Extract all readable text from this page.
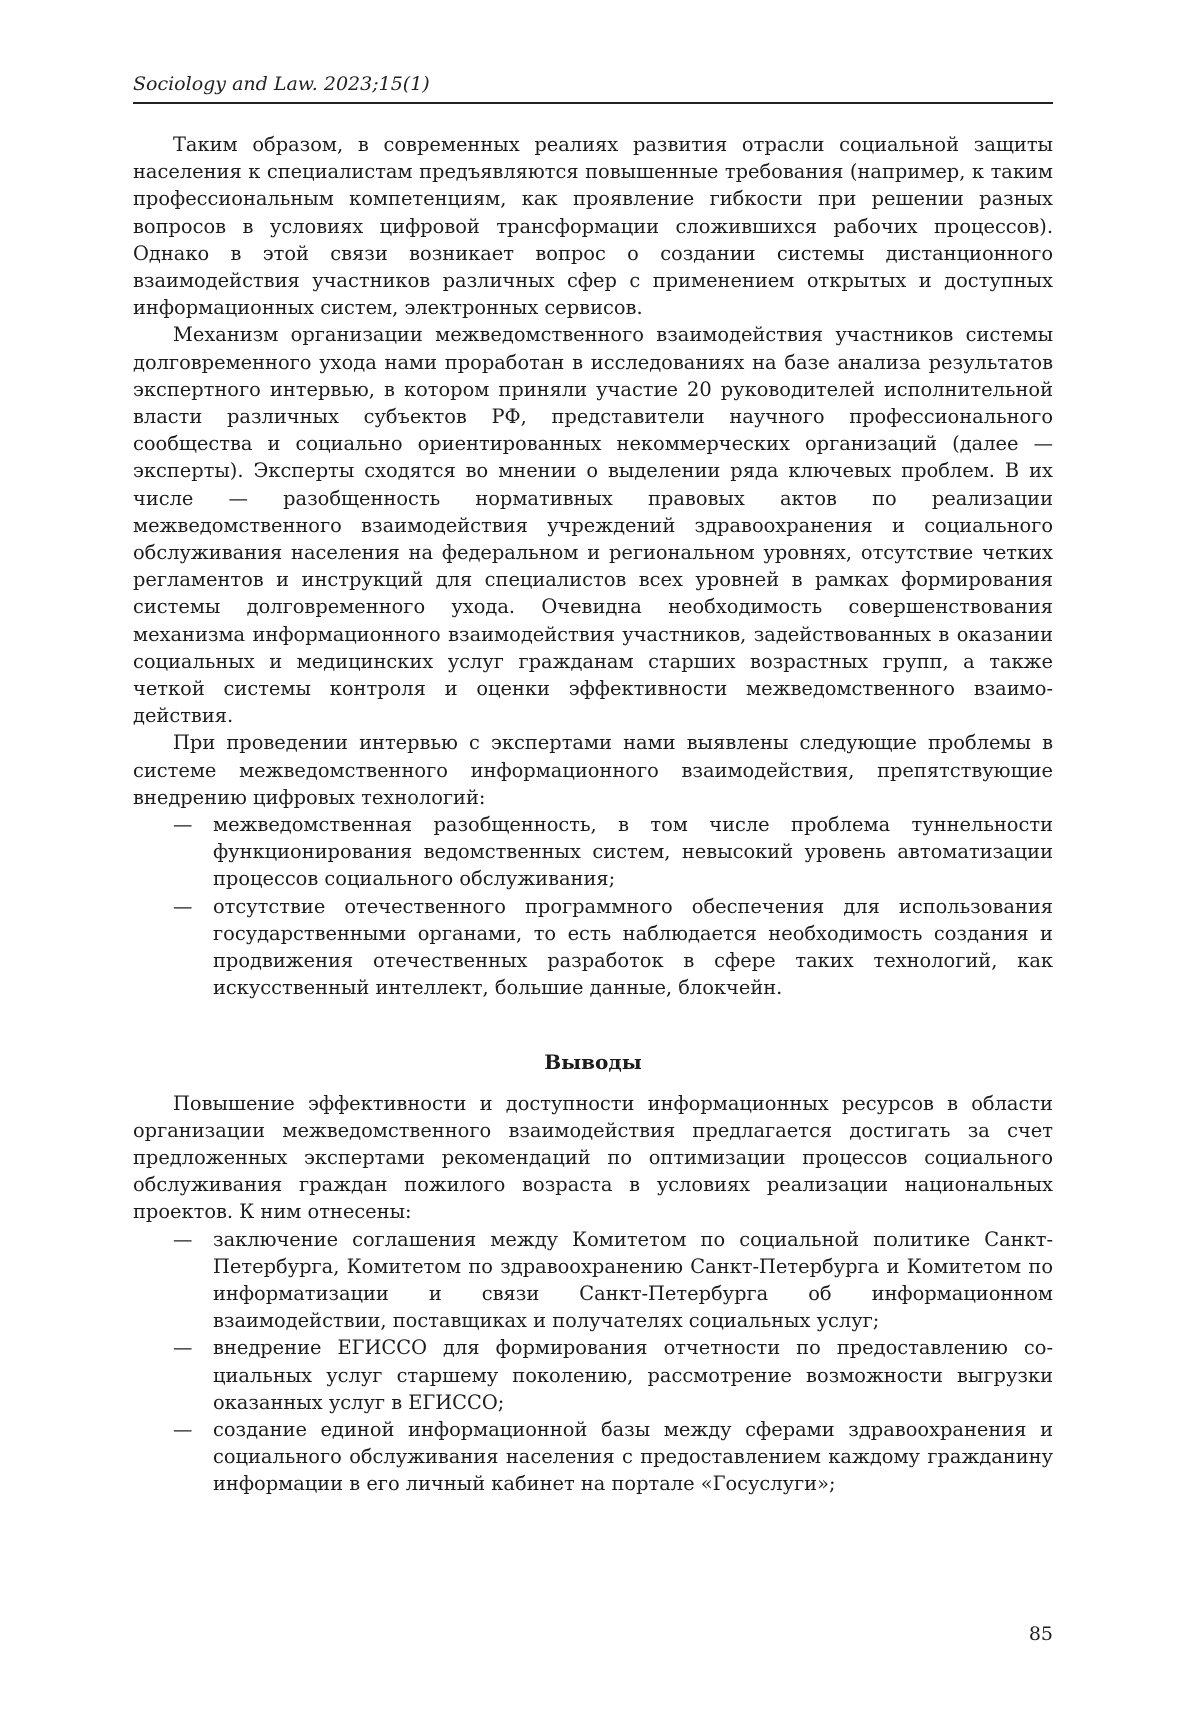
Sociology and Law. 2023;15(1)

Таким образом, в современных реалиях развития отрасли социальной защиты населения к специалистам предъявляются повышенные требования (например, к таким профессиональным компетенциям, как проявление гибкости при решении разных вопросов в условиях цифровой трансформации сложившихся рабочих процессов). Однако в этой связи возникает вопрос о создании системы дистанционного взаимодействия участников различных сфер с применением открытых и доступных информационных систем, электронных сервисов.

Механизм организации межведомственного взаимодействия участников системы долговременного ухода нами проработан в исследованиях на базе анализа результатов экспертного интервью, в котором приняли участие 20 руководителей исполнительной власти различных субъектов РФ, представители научного профессионального сообщества и социально ориентированных некоммерческих организаций (далее — эксперты). Эксперты сходятся во мнении о выделении ряда ключевых проблем. В их числе — разобщенность нормативных правовых актов по реализации межведомственного взаимодействия учреждений здравоохранения и социального обслуживания населения на федеральном и региональном уровнях, отсутствие четких регламентов и инструкций для специалистов всех уровней в рамках формирования системы долговременного ухода. Очевидна необходимость совершенствования механизма информационного взаимодействия участников, задействованных в оказании социальных и медицинских услуг гражданам старших возрастных групп, а также четкой системы контроля и оценки эффективности межведомственного взаимодействия.

При проведении интервью с экспертами нами выявлены следующие проблемы в системе межведомственного информационного взаимодействия, препятствующие внедрению цифровых технологий:

— межведомственная разобщенность, в том числе проблема туннельности функционирования ведомственных систем, невысокий уровень автоматизации процессов социального обслуживания;
— отсутствие отечественного программного обеспечения для использования государственными органами, то есть наблюдается необходимость создания и продвижения отечественных разработок в сфере таких технологий, как искусственный интеллект, большие данные, блокчейн.
Выводы

Повышение эффективности и доступности информационных ресурсов в области организации межведомственного взаимодействия предлагается достигать за счет предложенных экспертами рекомендаций по оптимизации процессов социального обслуживания граждан пожилого возраста в условиях реализации национальных проектов. К ним отнесены:

— заключение соглашения между Комитетом по социальной политике Санкт-Петербурга, Комитетом по здравоохранению Санкт-Петербурга и Комитетом по информатизации и связи Санкт-Петербурга об информационном взаимодействии, поставщиках и получателях социальных услуг;
— внедрение ЕГИССО для формирования отчетности по предоставлению социальных услуг старшему поколению, рассмотрение возможности выгрузки оказанных услуг в ЕГИССО;
— создание единой информационной базы между сферами здравоохранения и социального обслуживания населения с предоставлением каждому гражданину информации в его личный кабинет на портале «Госуслуги»;
85
